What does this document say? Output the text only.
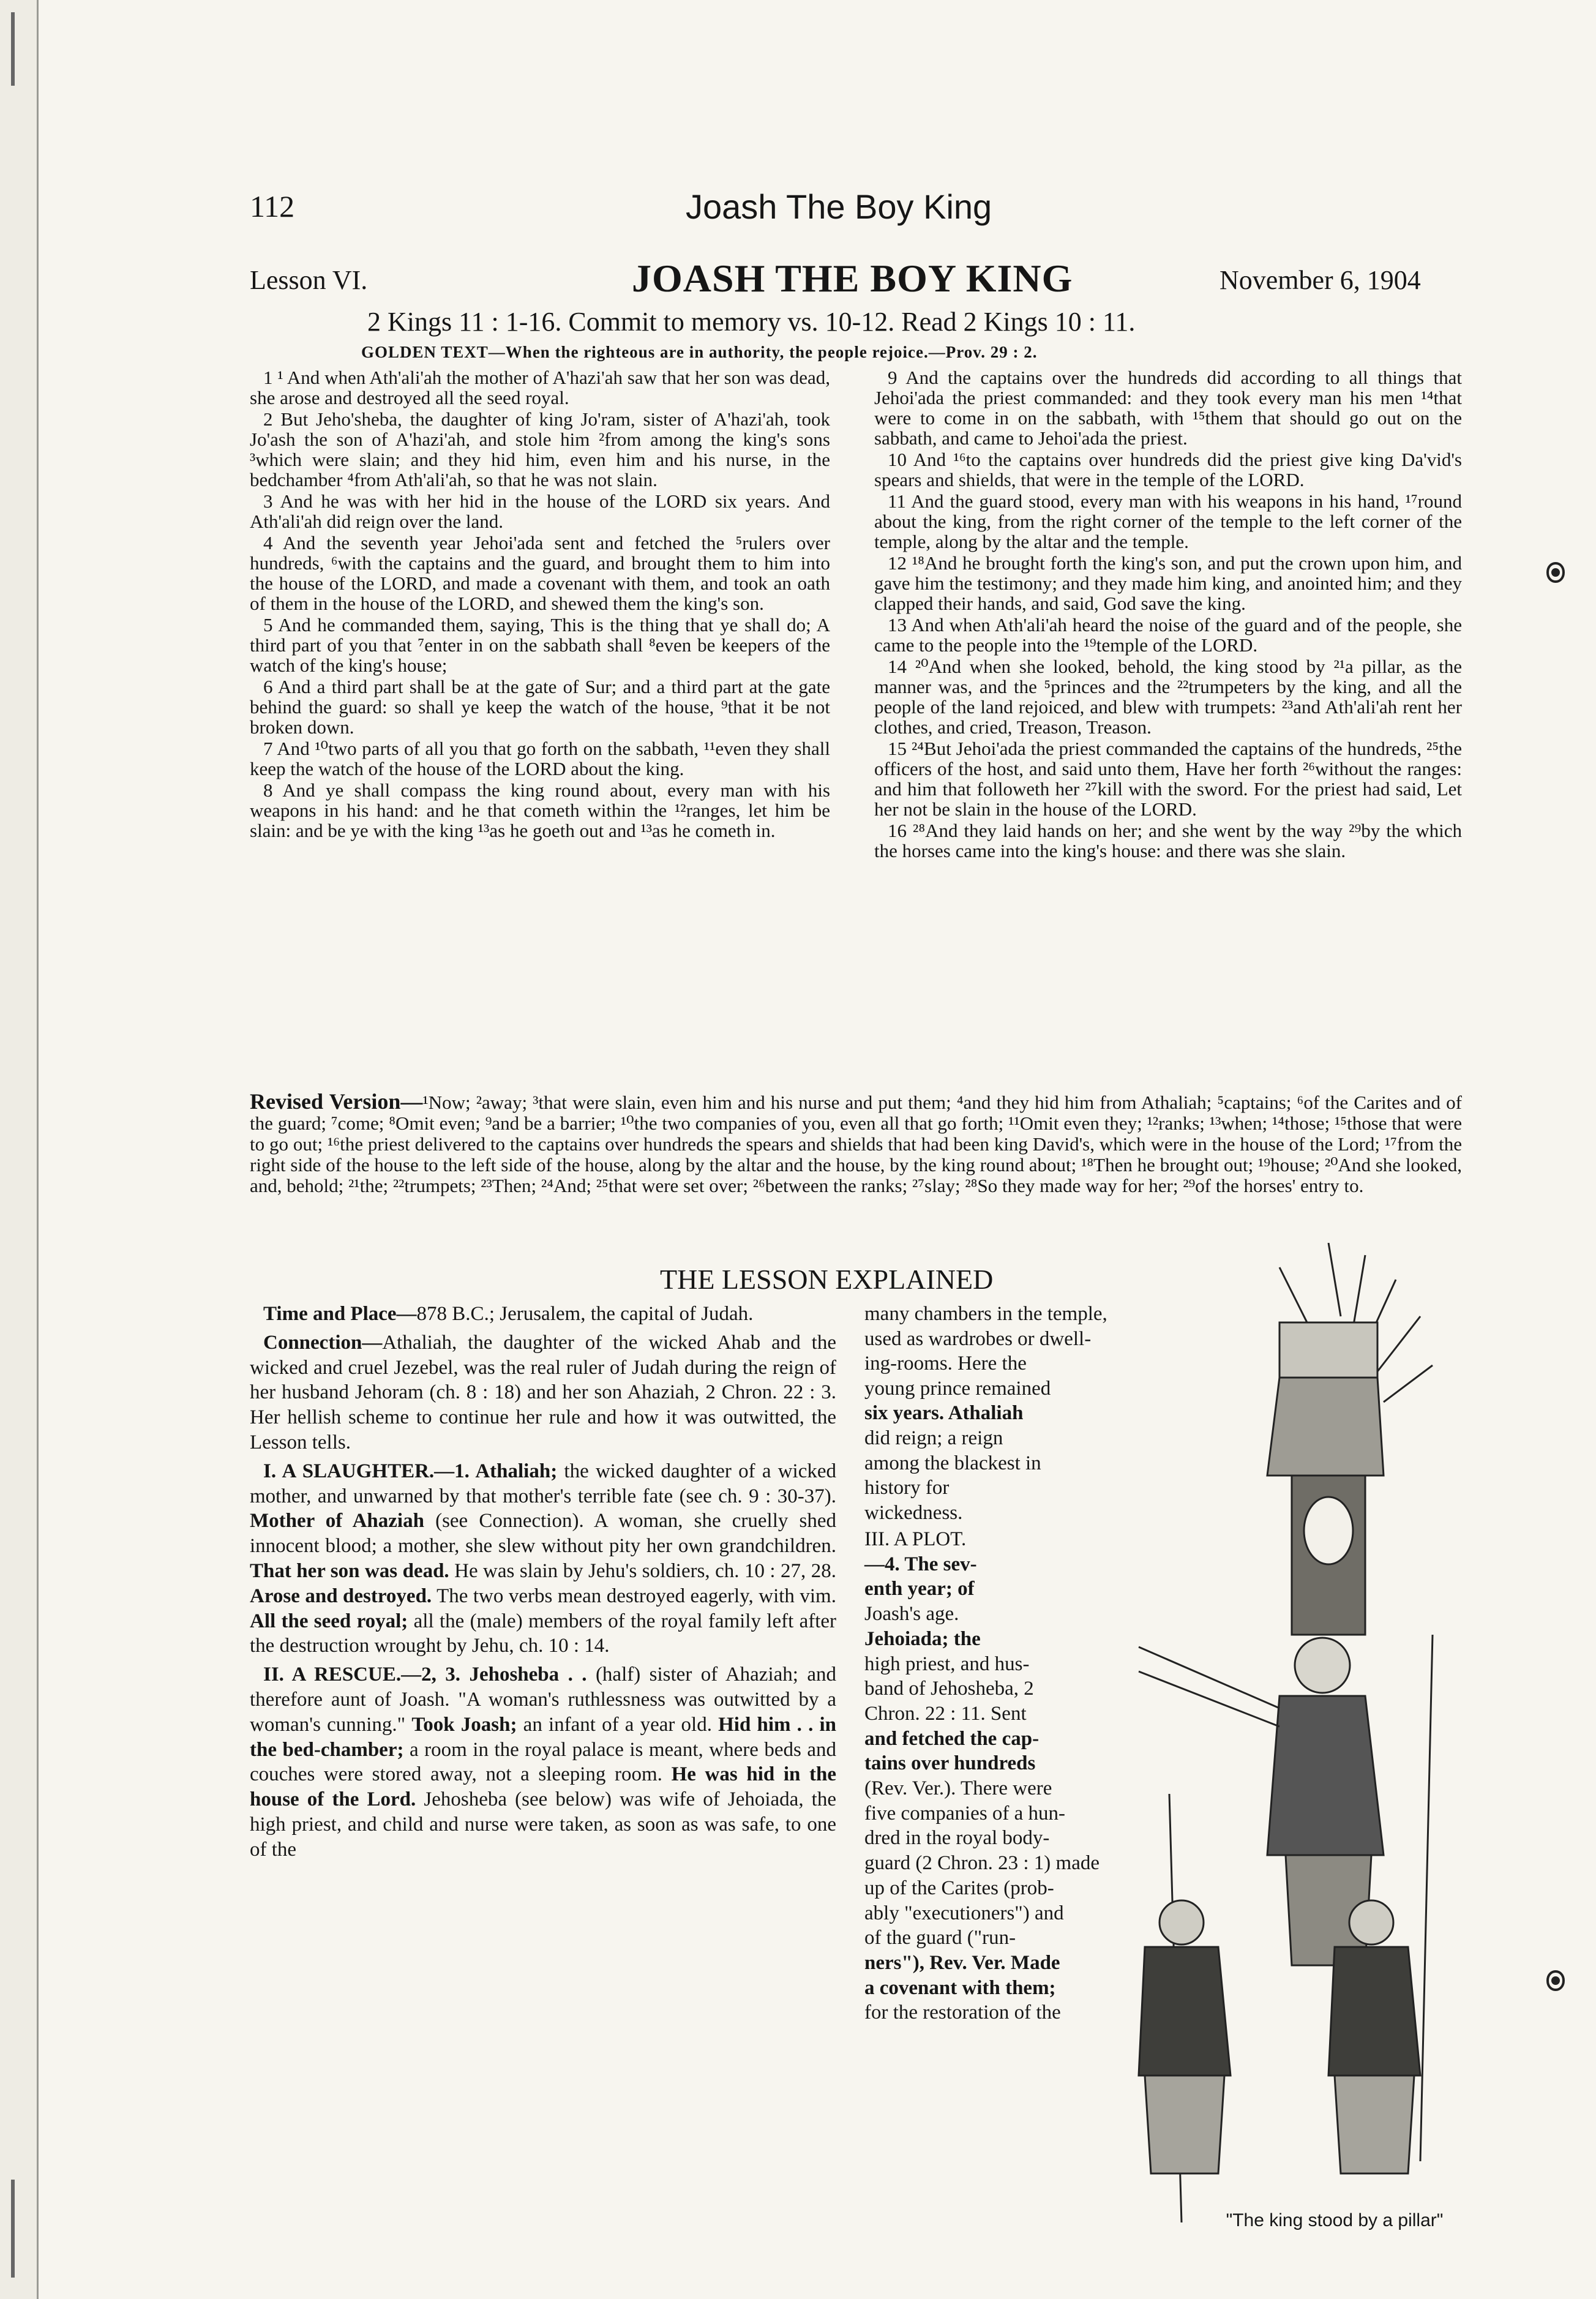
112	Joash The Boy King
Lesson VI.	JOASH THE BOY KING	November 6, 1904
2 Kings 11 : 1-16. Commit to memory vs. 10-12. Read 2 Kings 10 : 11.
GOLDEN TEXT—When the righteous are in authority, the people rejoice.—Prov. 29 : 2.

1 ¹ And when Ath'ali'ah the mother of A'hazi'ah saw that her son was dead, she arose and destroyed all the seed royal.

2 But Jeho'sheba, the daughter of king Jo'ram, sister of A'hazi'ah, took Jo'ash the son of A'hazi'ah, and stole him ²from among the king's sons ³which were slain; and they hid him, even him and his nurse, in the bedchamber ⁴from Ath'ali'ah, so that he was not slain.

3 And he was with her hid in the house of the LORD six years. And Ath'ali'ah did reign over the land.

4 And the seventh year Jehoi'ada sent and fetched the ⁵rulers over hundreds, ⁶with the captains and the guard, and brought them to him into the house of the LORD, and made a covenant with them, and took an oath of them in the house of the LORD, and shewed them the king's son.

5 And he commanded them, saying, This is the thing that ye shall do; A third part of you that ⁷enter in on the sabbath shall ⁸even be keepers of the watch of the king's house;

6 And a third part shall be at the gate of Sur; and a third part at the gate behind the guard: so shall ye keep the watch of the house, ⁹that it be not broken down.

7 And ¹⁰two parts of all you that go forth on the sabbath, ¹¹even they shall keep the watch of the house of the LORD about the king.

8 And ye shall compass the king round about, every man with his weapons in his hand: and he that cometh within the ¹²ranges, let him be slain: and be ye with the king ¹³as he goeth out and ¹³as he cometh in.

9 And the captains over the hundreds did according to all things that Jehoi'ada the priest commanded: and they took every man his men ¹⁴that were to come in on the sabbath, with ¹⁵them that should go out on the sabbath, and came to Jehoi'ada the priest.

10 And ¹⁶to the captains over hundreds did the priest give king Da'vid's spears and shields, that were in the temple of the LORD.

11 And the guard stood, every man with his weapons in his hand, ¹⁷round about the king, from the right corner of the temple to the left corner of the temple, along by the altar and the temple.

12 ¹⁸And he brought forth the king's son, and put the crown upon him, and gave him the testimony; and they made him king, and anointed him; and they clapped their hands, and said, God save the king.

13 And when Ath'ali'ah heard the noise of the guard and of the people, she came to the people into the ¹⁹temple of the LORD.

14 ²⁰And when she looked, behold, the king stood by ²¹a pillar, as the manner was, and the ⁵princes and the ²²trumpeters by the king, and all the people of the land rejoiced, and blew with trumpets: ²³and Ath'ali'ah rent her clothes, and cried, Treason, Treason.

15 ²⁴But Jehoi'ada the priest commanded the captains of the hundreds, ²⁵the officers of the host, and said unto them, Have her forth ²⁶without the ranges: and him that followeth her ²⁷kill with the sword. For the priest had said, Let her not be slain in the house of the LORD.

16 ²⁸And they laid hands on her; and she went by the way ²⁹by the which the horses came into the king's house: and there was she slain.

Revised Version—¹Now; ²away; ³that were slain, even him and his nurse and put them; ⁴and they hid him from Athaliah; ⁵captains; ⁶of the Carites and of the guard; ⁷come; ⁸Omit even; ⁹and be a barrier; ¹⁰the two companies of you, even all that go forth; ¹¹Omit even they; ¹²ranks; ¹³when; ¹⁴those; ¹⁵those that were to go out; ¹⁶the priest delivered to the captains over hundreds the spears and shields that had been king David's, which were in the house of the Lord; ¹⁷from the right side of the house to the left side of the house, along by the altar and the house, by the king round about; ¹⁸Then he brought out; ¹⁹house; ²⁰And she looked, and, behold; ²¹the; ²²trumpets; ²³Then; ²⁴And; ²⁵that were set over; ²⁶between the ranks; ²⁷slay; ²⁸So they made way for her; ²⁹of the horses' entry to.
THE LESSON EXPLAINED

Time and Place—878 B.C.; Jerusalem, the capital of Judah.

Connection—Athaliah, the daughter of the wicked Ahab and the wicked and cruel Jezebel, was the real ruler of Judah during the reign of her husband Jehoram (ch. 8 : 18) and her son Ahaziah, 2 Chron. 22 : 3. Her hellish scheme to continue her rule and how it was outwitted, the Lesson tells.

I. A SLAUGHTER.—1. Athaliah; the wicked daughter of a wicked mother, and unwarned by that mother's terrible fate (see ch. 9 : 30-37). Mother of Ahaziah (see Connection). A woman, she cruelly shed innocent blood; a mother, she slew without pity her own grandchildren. That her son was dead. He was slain by Jehu's soldiers, ch. 10 : 27, 28. Arose and destroyed. The two verbs mean destroyed eagerly, with vim. All the seed royal; all the (male) members of the royal family left after the destruction wrought by Jehu, ch. 10 : 14.

II. A RESCUE.—2, 3. Jehosheba . . (half) sister of Ahaziah; and therefore aunt of Joash. "A woman's ruthlessness was outwitted by a woman's cunning." Took Joash; an infant of a year old. Hid him . . in the bed-chamber; a room in the royal palace is meant, where beds and couches were stored away, not a sleeping room. He was hid in the house of the Lord. Jehosheba (see below) was wife of Jehoiada, the high priest, and child and nurse were taken, as soon as was safe, to one of the

many chambers in the temple,
used as wardrobes or dwell-
ing-rooms. Here the
young prince remained
six years. Athaliah
did reign; a reign
among the blackest in
history for
wickedness.
III. A PLOT.
—4. The sev-
enth year; of
Joash's age.
Jehoiada; the
high priest, and hus-
band of Jehosheba, 2
Chron. 22 : 11. Sent
and fetched the cap-
tains over hundreds
(Rev. Ver.). There were
five companies of a hun-
dred in the royal body-
guard (2 Chron. 23 : 1) made
up of the Carites (prob-
ably "executioners") and
of the guard ("run-
ners"), Rev. Ver. Made
a covenant with them;
for the restoration of the
"The king stood by a pillar"
